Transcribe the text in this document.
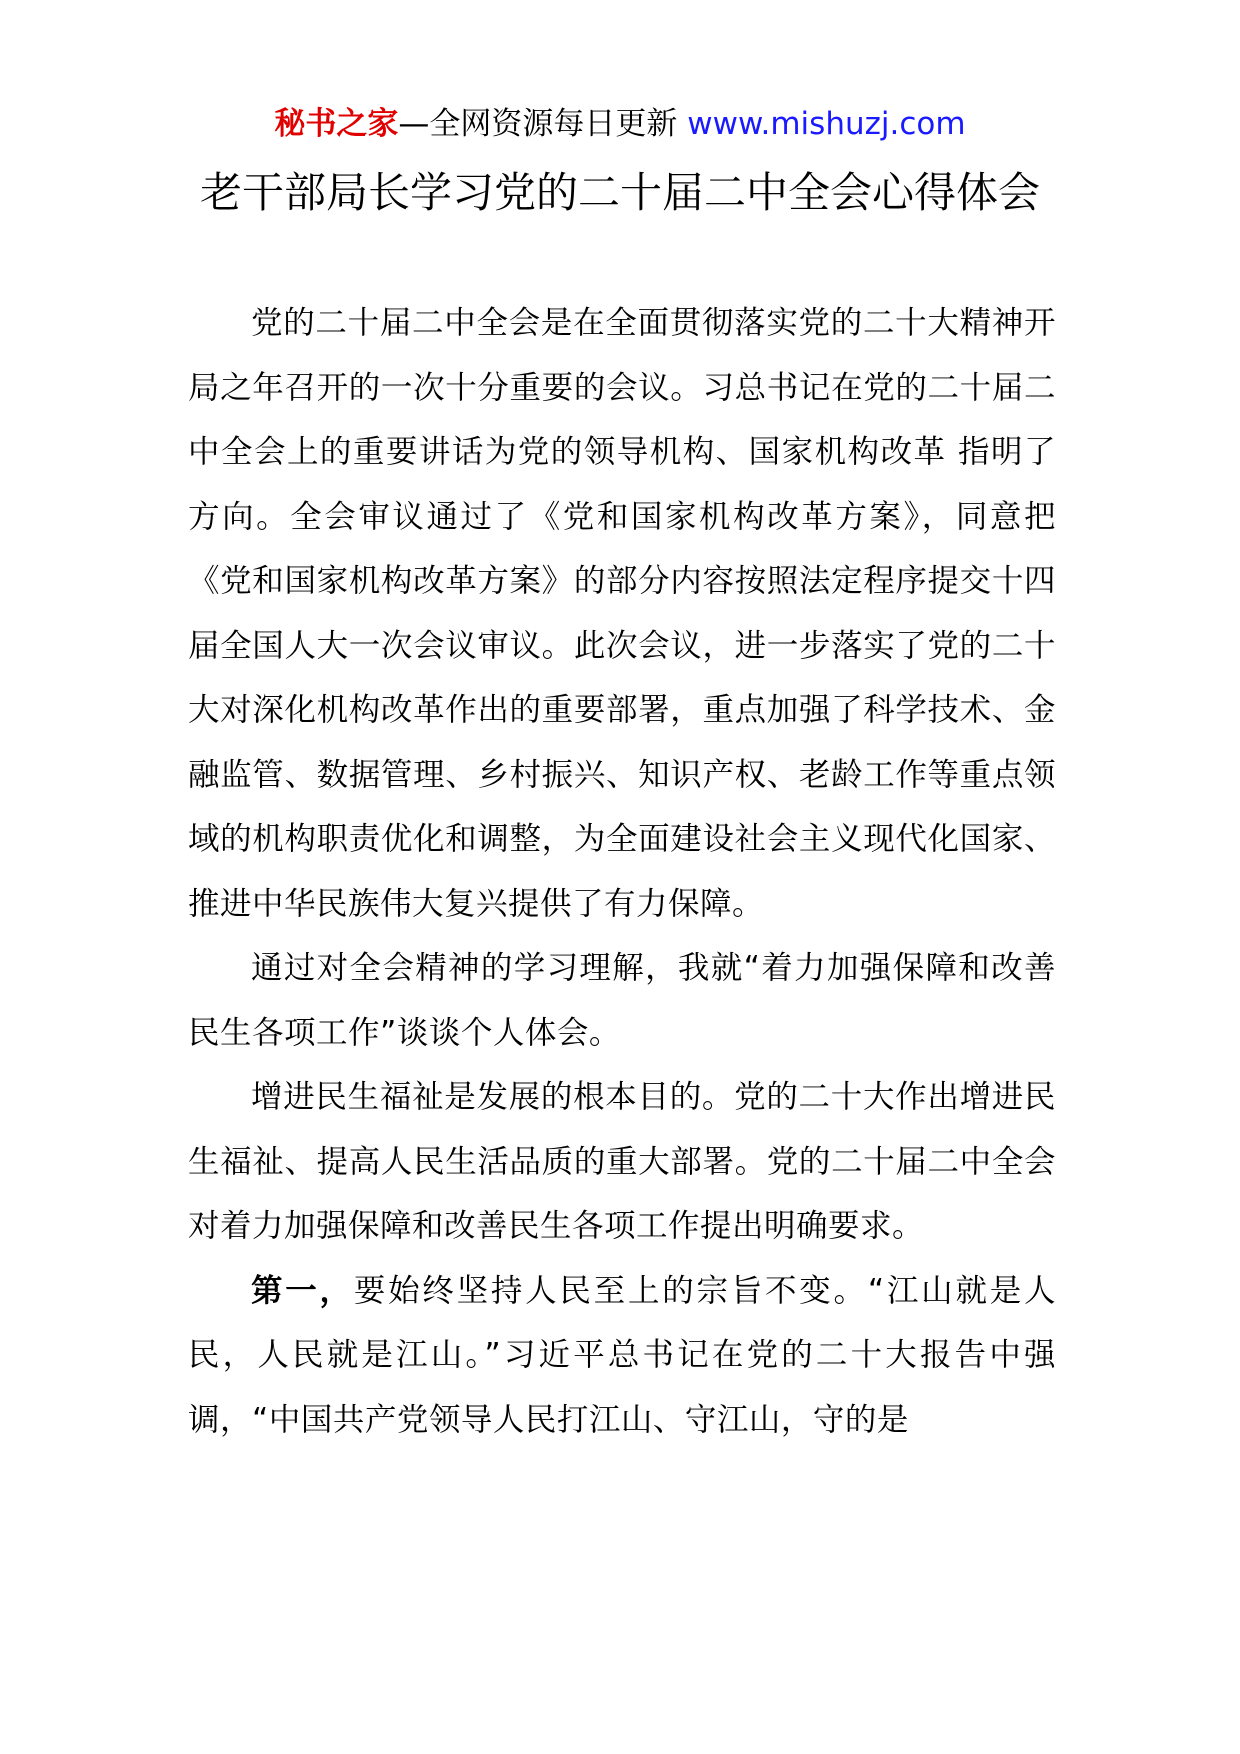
秘书之家—全网资源每日更新 www.mishuzj.com
老干部局长学习党的二十届二中全会心得体会

党的二十届二中全会是在全面贯彻落实党的二十大精神开局之年召开的一次十分重要的会议。习总书记在党的二十届二中全会上的重要讲话为党的领导机构、国家机构改革 指明了方向。全会审议通过了《党和国家机构改革方案》，同意把《党和国家机构改革方案》的部分内容按照法定程序提交十四届全国人大一次会议审议。此次会议，进一步落实了党的二十大对深化机构改革作出的重要部署，重点加强了科学技术、金融监管、数据管理、乡村振兴、知识产权、老龄工作等重点领域的机构职责优化和调整，为全面建设社会主义现代化国家、推进中华民族伟大复兴提供了有力保障。

通过对全会精神的学习理解，我就“着力加强保障和改善民生各项工作”谈谈个人体会。

增进民生福祉是发展的根本目的。党的二十大作出增进民生福祉、提高人民生活品质的重大部署。党的二十届二中全会对着力加强保障和改善民生各项工作提出明确要求。

第一，要始终坚持人民至上的宗旨不变。“江山就是人民，人民就是江山。”习近平总书记在党的二十大报告中强调，“中国共产党领导人民打江山、守江山，守的是
